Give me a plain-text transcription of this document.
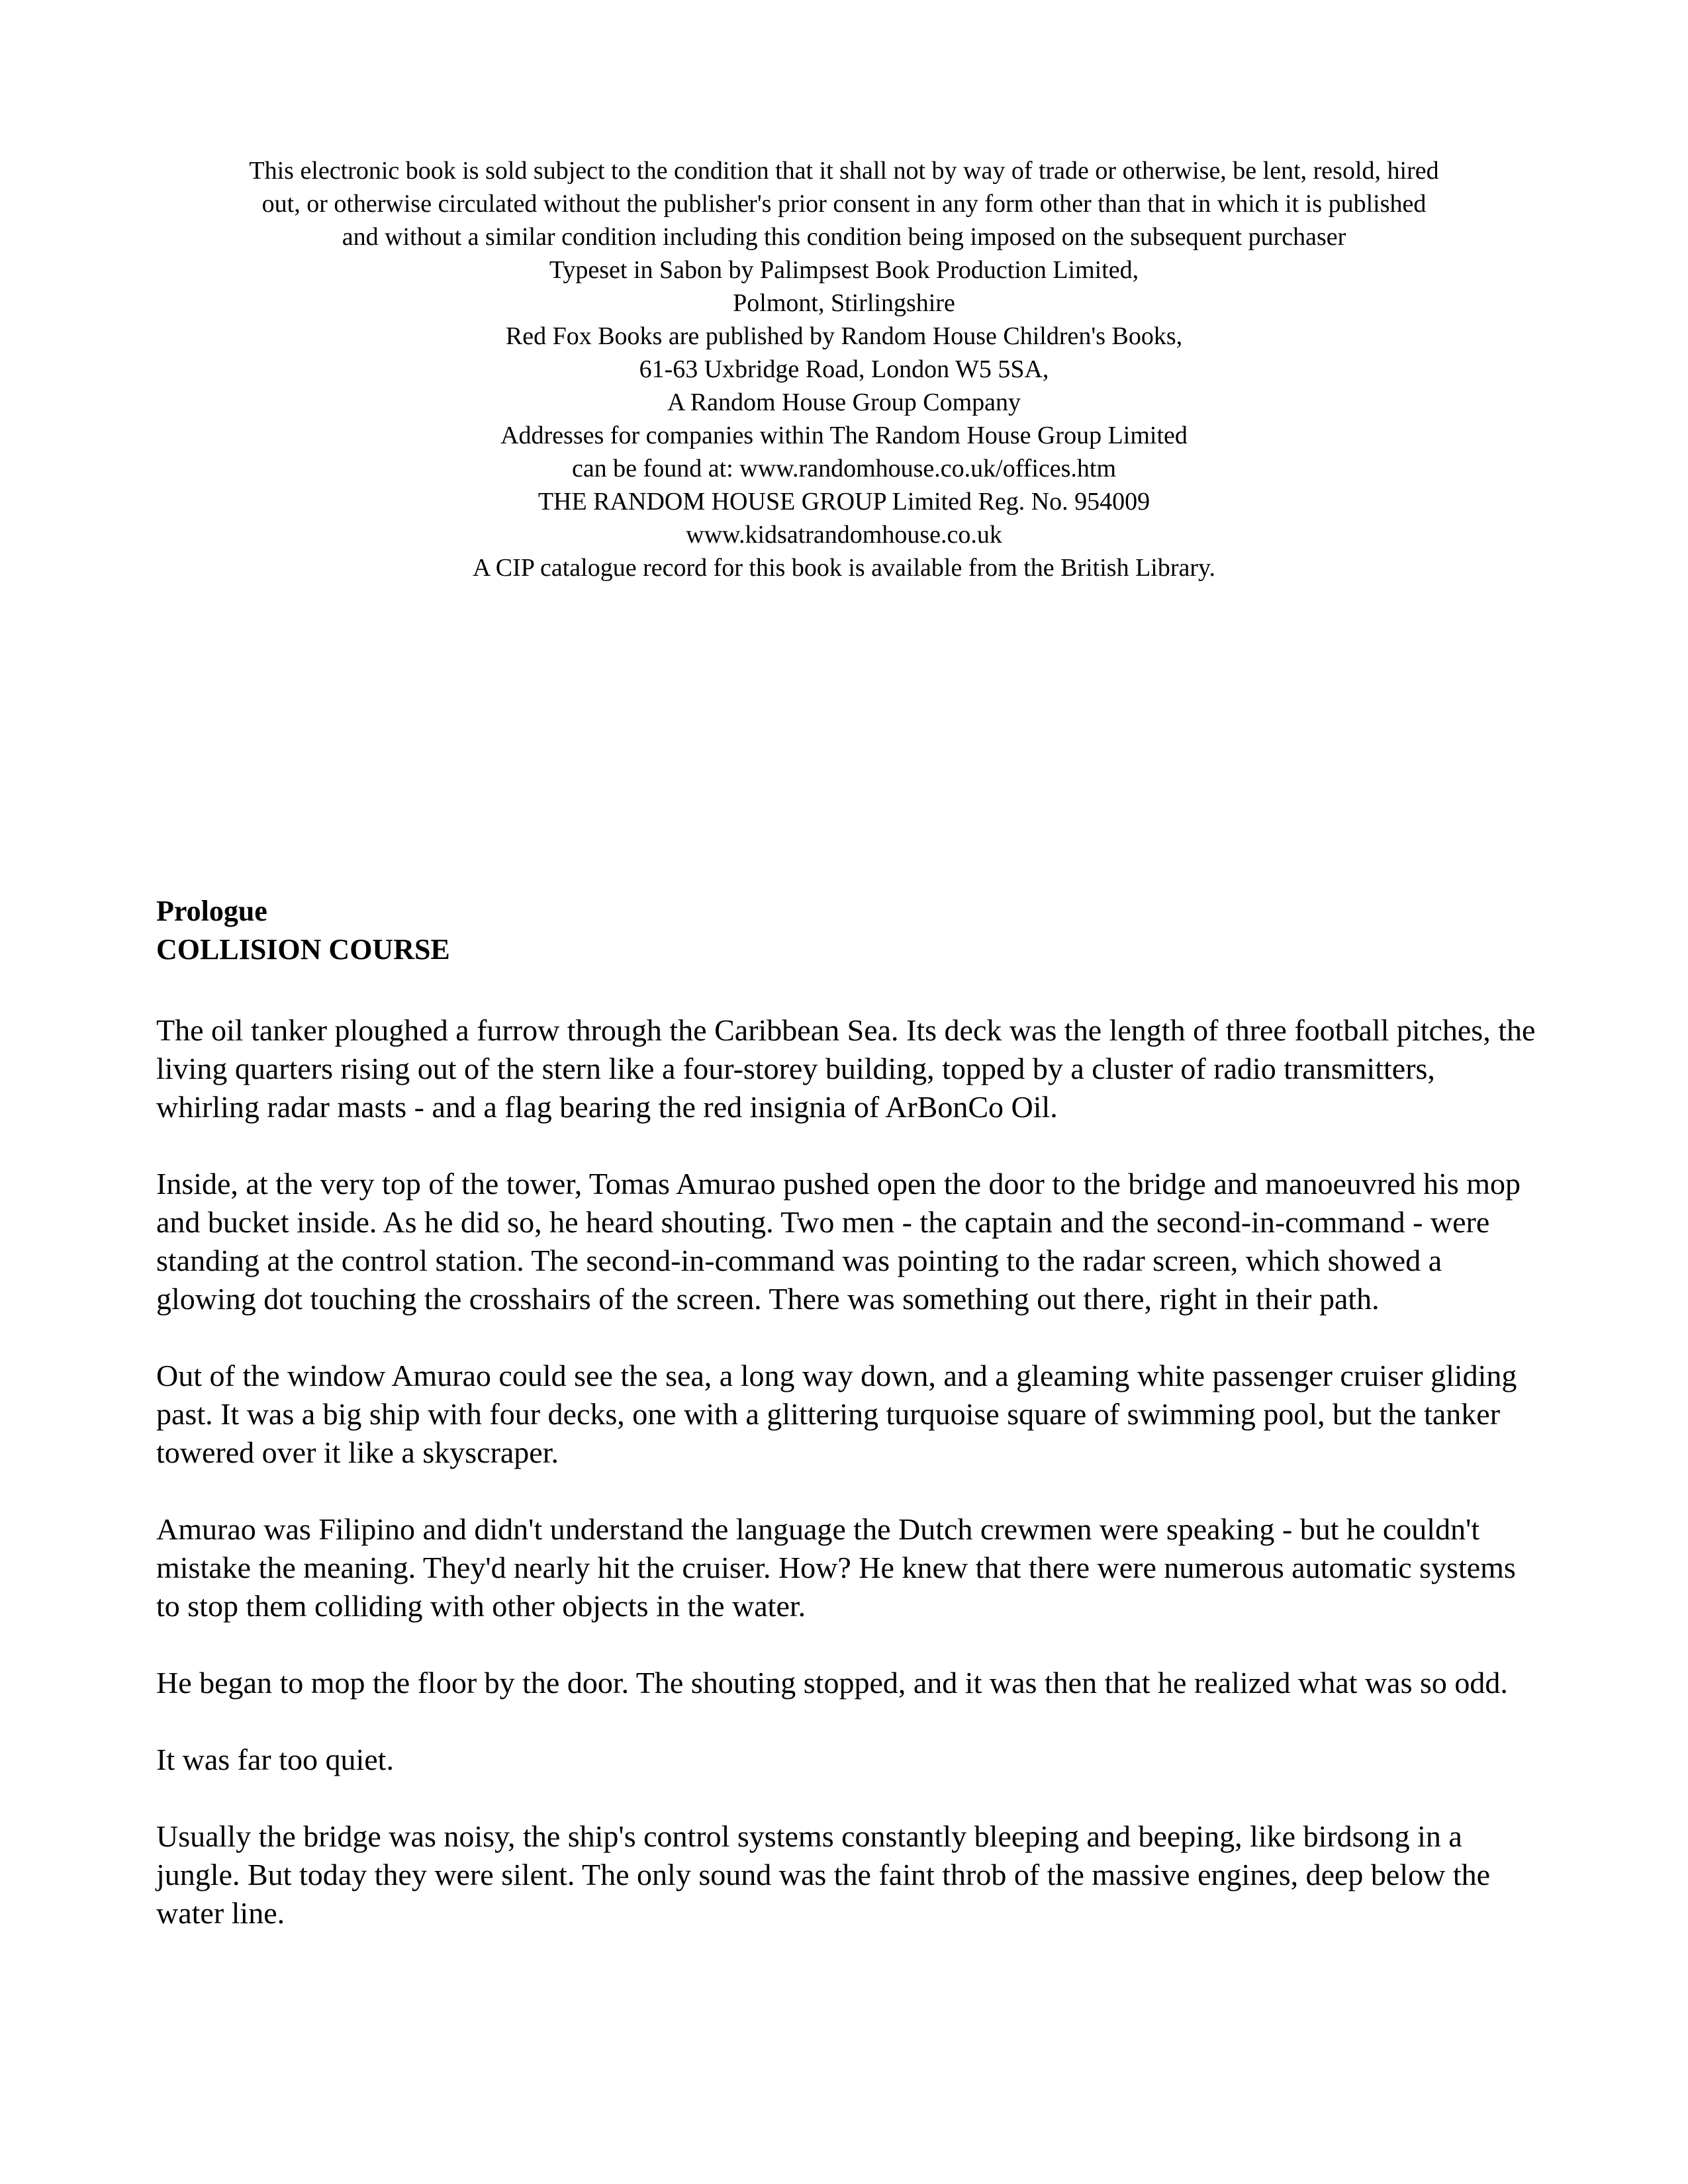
This electronic book is sold subject to the condition that it shall not by way of trade or otherwise, be lent, resold, hired

out, or otherwise circulated without the publisher's prior consent in any form other than that in which it is published

and without a similar condition including this condition being imposed on the subsequent purchaser

Typeset in Sabon by Palimpsest Book Production Limited,

Polmont, Stirlingshire

Red Fox Books are published by Random House Children's Books,

61-63 Uxbridge Road, London W5 5SA,

A Random House Group Company

Addresses for companies within The Random House Group Limited

can be found at: www.randomhouse.co.uk/offices.htm

THE RANDOM HOUSE GROUP Limited Reg. No. 954009

www.kidsatrandomhouse.co.uk

A CIP catalogue record for this book is available from the British Library.

Prologue
COLLISION COURSE

The oil tanker ploughed a furrow through the Caribbean Sea. Its deck was the length of three football pitches, the living quarters rising out of the stern like a four-storey building, topped by a cluster of radio transmitters, whirling radar masts - and a flag bearing the red insignia of ArBonCo Oil.

Inside, at the very top of the tower, Tomas Amurao pushed open the door to the bridge and manoeuvred his mop and bucket inside. As he did so, he heard shouting. Two men - the captain and the second-in-command - were standing at the control station. The second-in-command was pointing to the radar screen, which showed a glowing dot touching the crosshairs of the screen. There was something out there, right in their path.

Out of the window Amurao could see the sea, a long way down, and a gleaming white passenger cruiser gliding past. It was a big ship with four decks, one with a glittering turquoise square of swimming pool, but the tanker towered over it like a skyscraper.

Amurao was Filipino and didn't understand the language the Dutch crewmen were speaking - but he couldn't mistake the meaning. They'd nearly hit the cruiser. How? He knew that there were numerous automatic systems to stop them colliding with other objects in the water.

He began to mop the floor by the door. The shouting stopped, and it was then that he realized what was so odd.

It was far too quiet.

Usually the bridge was noisy, the ship's control systems constantly bleeping and beeping, like birdsong in a jungle. But today they were silent. The only sound was the faint throb of the massive engines, deep below the water line.
